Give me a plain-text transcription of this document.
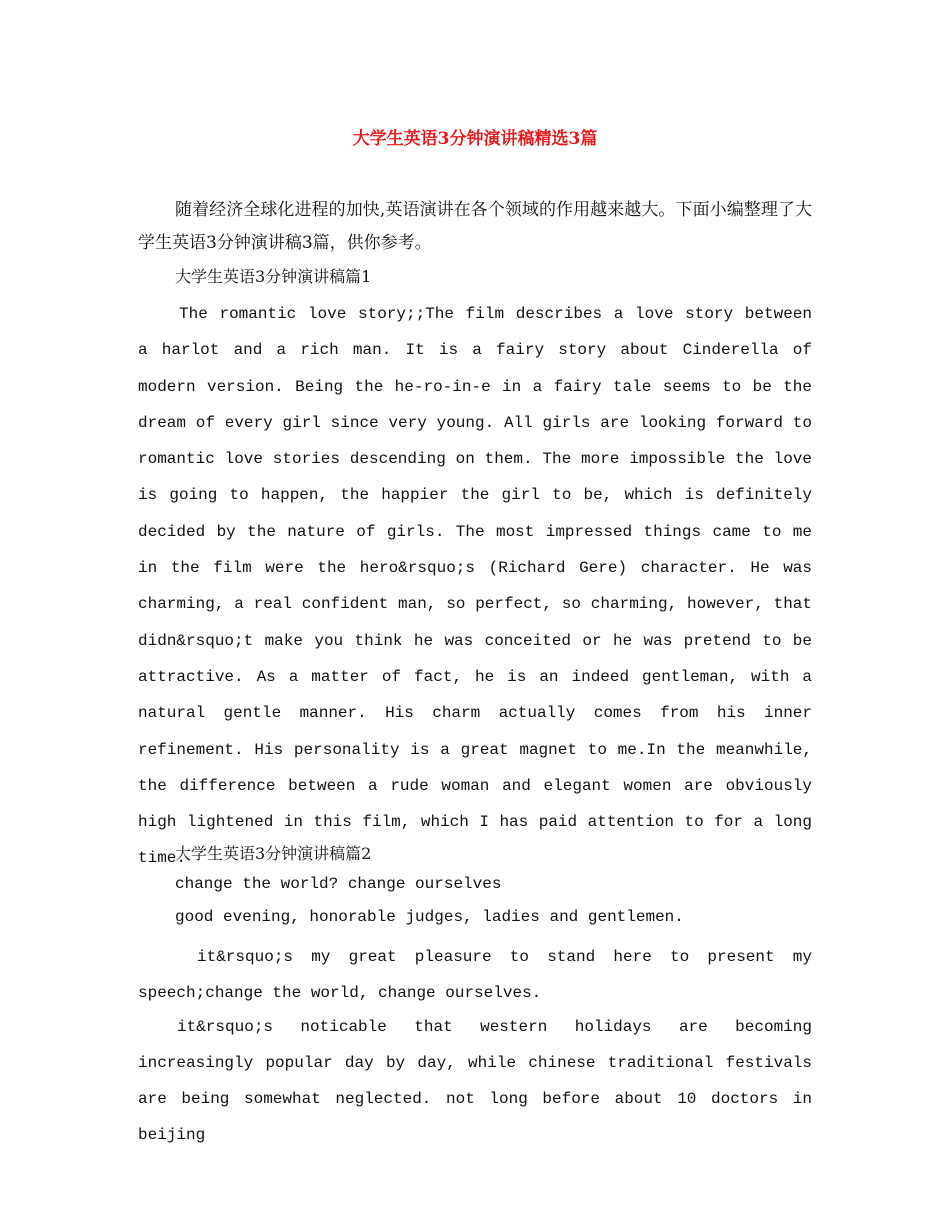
大学生英语3分钟演讲稿精选3篇
随着经济全球化进程的加快,英语演讲在各个领域的作用越来越大。下面小编整理了大学生英语3分钟演讲稿3篇，供你参考。
大学生英语3分钟演讲稿篇1
The romantic love story;;The film describes a love story between a harlot and a rich man. It is a fairy story about Cinderella of modern version. Being the he-ro-in-e in a fairy tale seems to be the dream of every girl since very young. All girls are looking forward to romantic love stories descending on them. The more impossible the love is going to happen, the happier the girl to be, which is definitely decided by the nature of girls. The most impressed things came to me in the film were the hero&rsquo;s (Richard Gere) character. He was charming, a real confident man, so perfect, so charming, however, that didn&rsquo;t make you think he was conceited or he was pretend to be attractive. As a matter of fact, he is an indeed gentleman, with a natural gentle manner. His charm actually comes from his inner refinement. His personality is a great magnet to me.In the meanwhile, the difference between a rude woman and elegant women are obviously high lightened in this film, which I has paid attention to for a long time.
大学生英语3分钟演讲稿篇2
change the world? change ourselves
good evening, honorable judges, ladies and gentlemen.
it&rsquo;s my great pleasure to stand here to present my speech;change the world, change ourselves.
it&rsquo;s noticable that western holidays are becoming increasingly popular day by day, while chinese traditional festivals are being somewhat neglected. not long before about 10 doctors in beijing
